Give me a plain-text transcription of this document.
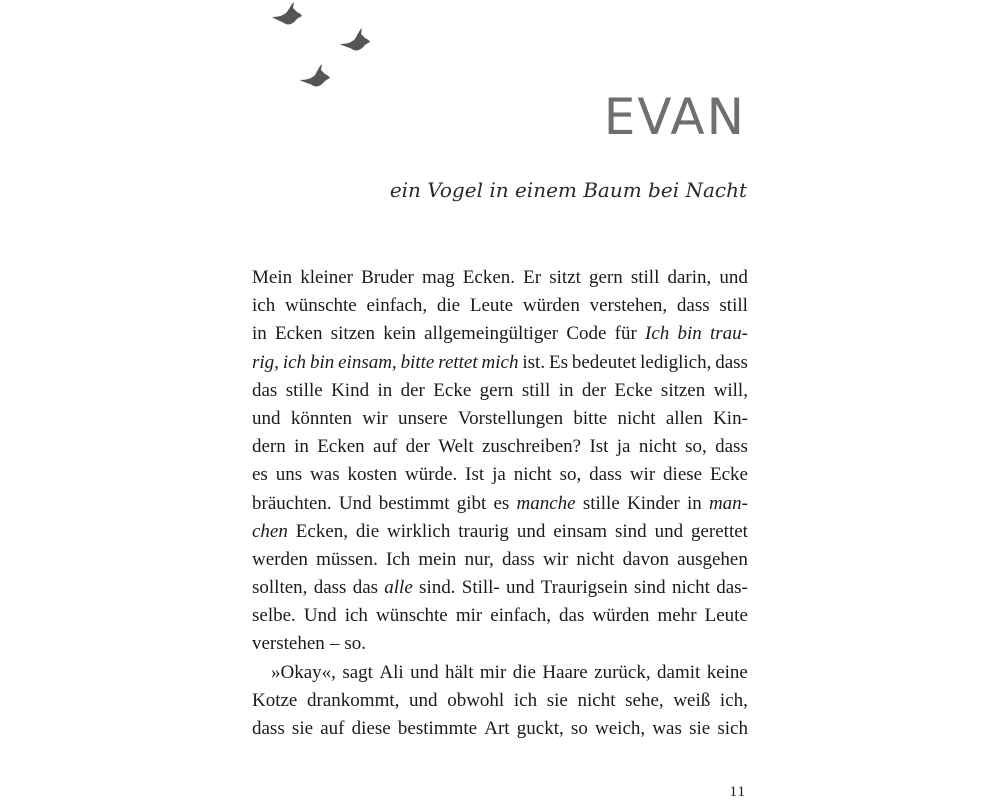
EVAN

ein Vogel in einem Baum bei Nacht

Mein kleiner Bruder mag Ecken. Er sitzt gern still darin, und
ich wünschte einfach, die Leute würden verstehen, dass still
in Ecken sitzen kein allgemeingültiger Code für Ich bin trau-
rig, ich bin einsam, bitte rettet mich ist. Es bedeutet lediglich, dass
das stille Kind in der Ecke gern still in der Ecke sitzen will,
und könnten wir unsere Vorstellungen bitte nicht allen Kin-
dern in Ecken auf der Welt zuschreiben? Ist ja nicht so, dass
es uns was kosten würde. Ist ja nicht so, dass wir diese Ecke
bräuchten. Und bestimmt gibt es manche stille Kinder in man-
chen Ecken, die wirklich traurig und einsam sind und gerettet
werden müssen. Ich mein nur, dass wir nicht davon ausgehen
sollten, dass das alle sind. Still- und Traurigsein sind nicht das-
selbe. Und ich wünschte mir einfach, das würden mehr Leute
verstehen – so.
»Okay«, sagt Ali und hält mir die Haare zurück, damit keine
Kotze drankommt, und obwohl ich sie nicht sehe, weiß ich,
dass sie auf diese bestimmte Art guckt, so weich, was sie sich
11
